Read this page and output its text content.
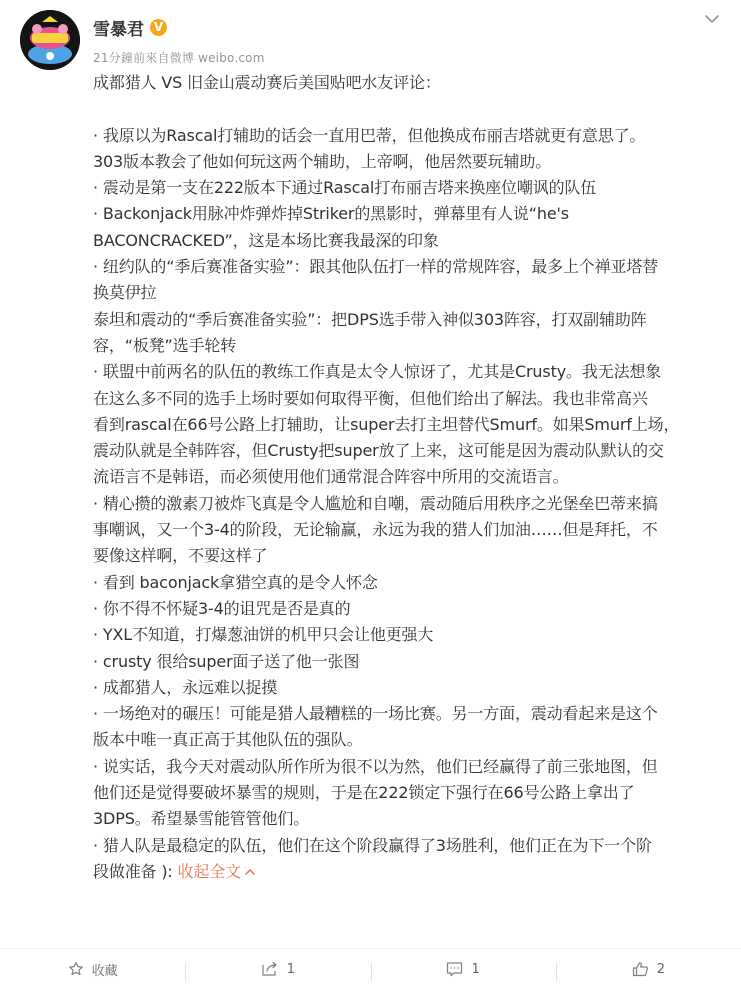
雪暴君 V
21分鐘前來自微博 weibo.com

成都猎人 VS 旧金山震动赛后美国贴吧水友评论：

· 我原以为Rascal打辅助的话会一直用巴蒂，但他换成布丽吉塔就更有意思了。

303版本教会了他如何玩这两个辅助，上帝啊，他居然要玩辅助。

· 震动是第一支在222版本下通过Rascal打布丽吉塔来换座位嘲讽的队伍

· Backonjack用脉冲炸弹炸掉Striker的黑影时，弹幕里有人说“he's

BACONCRACKED”，这是本场比赛我最深的印象

· 纽约队的“季后赛准备实验”：跟其他队伍打一样的常规阵容，最多上个禅亚塔替

换莫伊拉

泰坦和震动的“季后赛准备实验”：把DPS选手带入神似303阵容，打双副辅助阵

容，“板凳”选手轮转

· 联盟中前两名的队伍的教练工作真是太令人惊讶了，尤其是Crusty。我无法想象

在这么多不同的选手上场时要如何取得平衡，但他们给出了解法。我也非常高兴

看到rascal在66号公路上打辅助，让super去打主坦替代Smurf。如果Smurf上场，

震动队就是全韩阵容，但Crusty把super放了上来，这可能是因为震动队默认的交

流语言不是韩语，而必须使用他们通常混合阵容中所用的交流语言。

· 精心攒的激素刀被炸飞真是令人尴尬和自嘲，震动随后用秩序之光堡垒巴蒂来搞

事嘲讽，又一个3-4的阶段，无论输赢，永远为我的猎人们加油……但是拜托，不

要像这样啊，不要这样了

· 看到 baconjack拿猎空真的是令人怀念

· 你不得不怀疑3-4的诅咒是否是真的

· YXL不知道，打爆葱油饼的机甲只会让他更强大

· crusty 很给super面子送了他一张图

· 成都猎人，永远难以捉摸

· 一场绝对的碾压！可能是猎人最糟糕的一场比赛。另一方面，震动看起来是这个

版本中唯一真正高于其他队伍的强队。

· 说实话，我今天对震动队所作所为很不以为然，他们已经赢得了前三张地图，但

他们还是觉得要破坏暴雪的规则，于是在222锁定下强行在66号公路上拿出了

3DPS。希望暴雪能管管他们。

· 猎人队是最稳定的队伍，他们在这个阶段赢得了3场胜利，他们正在为下一个阶

段做准备 ): 收起全文

收藏	1	1	2
